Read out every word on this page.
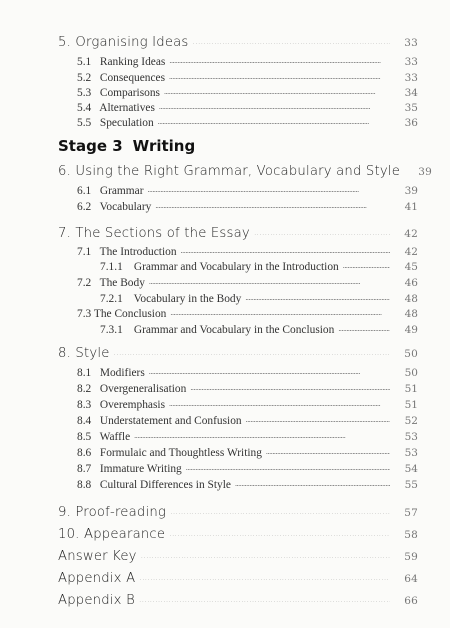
5. Organising Ideas . . .	33
5.1 Ranking Ideas . . .	33
5.2 Consequences . . .	33
5.3 Comparisons . . .	34
5.4 Alternatives . . .	35
5.5 Speculation . . .	36
Stage 3 Writing
6. Using the Right Grammar, Vocabulary and Style	39
6.1 Grammar . . .	39
6.2 Vocabulary . . .	41
7. The Sections of the Essay . . .	42
7.1 The Introduction . . .	42
7.1.1 Grammar and Vocabulary in the Introduction . . .	45
7.2 The Body . . .	46
7.2.1 Vocabulary in the Body . . .	48
7.3 The Conclusion . . .	48
7.3.1 Grammar and Vocabulary in the Conclusion . . .	49
8. Style . . .	50
8.1 Modifiers . . .	50
8.2 Overgeneralisation . . .	51
8.3 Overemphasis . . .	51
8.4 Understatement and Confusion . . .	52
8.5 Waffle . . .	53
8.6 Formulaic and Thoughtless Writing . . .	53
8.7 Immature Writing . . .	54
8.8 Cultural Differences in Style . . .	55
9. Proof-reading . . .	57
10. Appearance . . .	58
Answer Key . . .	59
Appendix A . . .	64
Appendix B . . .	66
